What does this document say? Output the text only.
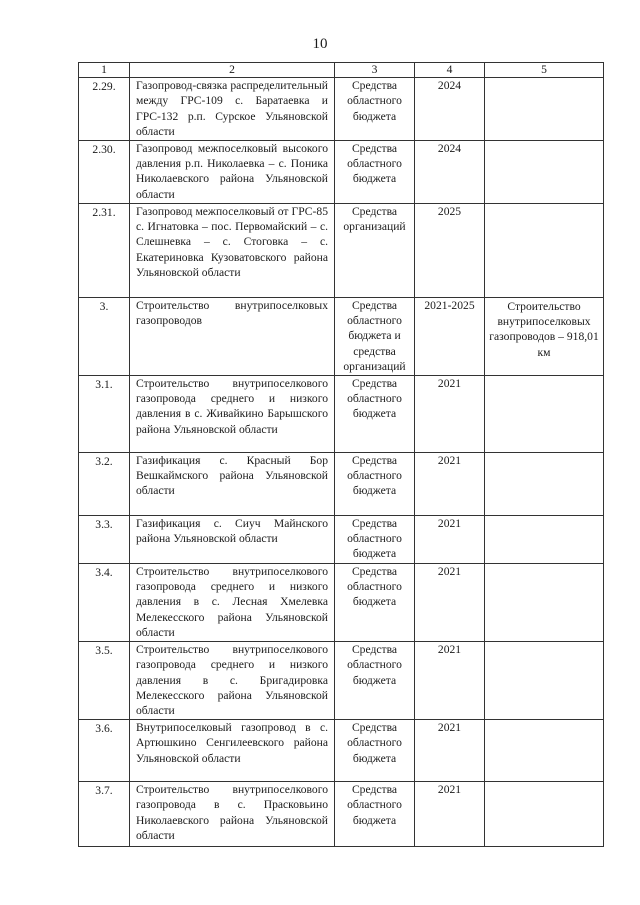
10
1	2	3	4	5
2.29.	Газопровод-связка распределительный между ГРС-109 с. Баратаевка и ГРС-132 р.п. Сурское Ульяновской области	Средства областного бюджета	2024	
2.30.	Газопровод межпоселковый высокого давления р.п. Николаевка – с. Поника Николаевского района Ульяновской области	Средства областного бюджета	2024	
2.31.	Газопровод межпоселковый от ГРС-85 с. Игнатовка – пос. Первомайский – с. Слешневка – с. Стоговка – с. Екатериновка Кузоватовского района Ульяновской области	Средства организаций	2025	
3.	Строительство внутрипоселковых газопроводов	Средства областного бюджета и средства организаций	2021-2025	Строительство внутрипоселковых газопроводов – 918,01 км
3.1.	Строительство внутрипоселкового газопровода среднего и низкого давления в с. Живайкино Барышского района Ульяновской области	Средства областного бюджета	2021	
3.2.	Газификация с. Красный Бор Вешкаймского района Ульяновской области	Средства областного бюджета	2021	
3.3.	Газификация с. Сиуч Майнского района Ульяновской области	Средства областного бюджета	2021	
3.4.	Строительство внутрипоселкового газопровода среднего и низкого давления в с. Лесная Хмелевка Мелекесского района Ульяновской области	Средства областного бюджета	2021	
3.5.	Строительство внутрипоселкового газопровода среднего и низкого давления в с. Бригадировка Мелекесского района Ульяновской области	Средства областного бюджета	2021	
3.6.	Внутрипоселковый газопровод в с. Артюшкино Сенгилеевского района Ульяновской области	Средства областного бюджета	2021	
3.7.	Строительство внутрипоселкового газопровода в с. Прасковьино Николаевского района Ульяновской области	Средства областного бюджета	2021	
